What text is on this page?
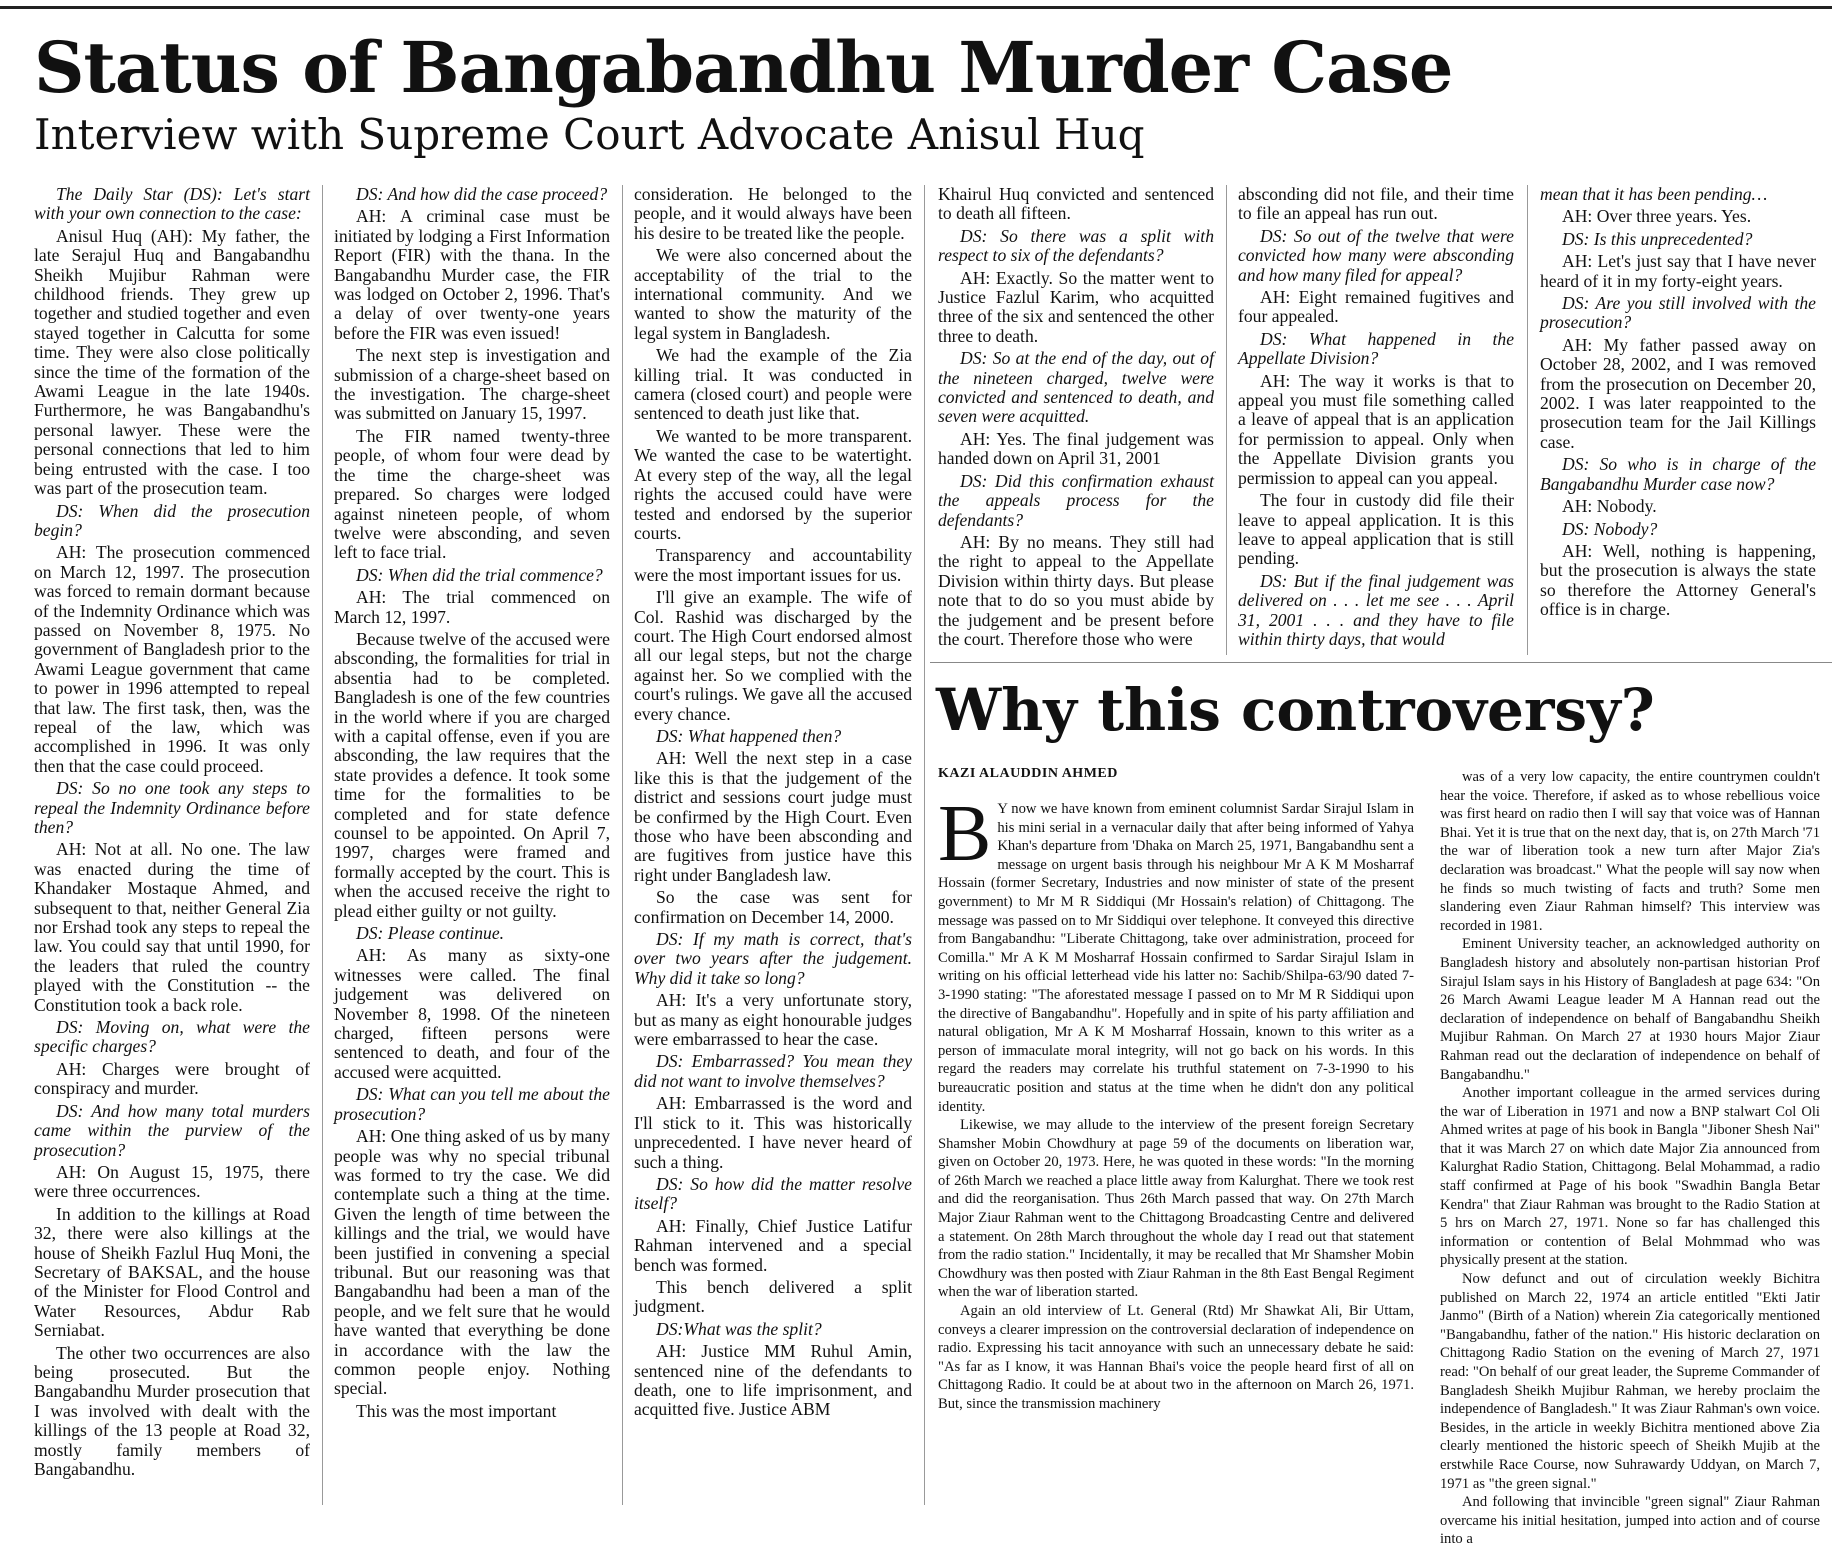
Status of Bangabandhu Murder Case
Interview with Supreme Court Advocate Anisul Huq

The Daily Star (DS): Let's start with your own connection to the case:

Anisul Huq (AH): My father, the late Serajul Huq and Bangabandhu Sheikh Mujibur Rahman were childhood friends. They grew up together and studied together and even stayed together in Calcutta for some time. They were also close politically since the time of the formation of the Awami League in the late 1940s. Furthermore, he was Bangabandhu's personal lawyer. These were the personal connections that led to him being entrusted with the case. I too was part of the prosecution team.

DS: When did the prosecution begin?

AH: The prosecution commenced on March 12, 1997. The prosecution was forced to remain dormant because of the Indemnity Ordinance which was passed on November 8, 1975. No government of Bangladesh prior to the Awami League government that came to power in 1996 attempted to repeal that law. The first task, then, was the repeal of the law, which was accomplished in 1996. It was only then that the case could proceed.

DS: So no one took any steps to repeal the Indemnity Ordinance before then?

AH: Not at all. No one. The law was enacted during the time of Khandaker Mostaque Ahmed, and subsequent to that, neither General Zia nor Ershad took any steps to repeal the law. You could say that until 1990, for the leaders that ruled the country played with the Constitution -- the Constitution took a back role.

DS: Moving on, what were the specific charges?

AH: Charges were brought of conspiracy and murder.

DS: And how many total murders came within the purview of the prosecution?

AH: On August 15, 1975, there were three occurrences.

In addition to the killings at Road 32, there were also killings at the house of Sheikh Fazlul Huq Moni, the Secretary of BAKSAL, and the house of the Minister for Flood Control and Water Resources, Abdur Rab Serniabat.

The other two occurrences are also being prosecuted. But the Bangabandhu Murder prosecution that I was involved with dealt with the killings of the 13 people at Road 32, mostly family members of Bangabandhu.

DS: And how did the case proceed?

AH: A criminal case must be initiated by lodging a First Information Report (FIR) with the thana. In the Bangabandhu Murder case, the FIR was lodged on October 2, 1996. That's a delay of over twenty-one years before the FIR was even issued!

The next step is investigation and submission of a charge-sheet based on the investigation. The charge-sheet was submitted on January 15, 1997.

The FIR named twenty-three people, of whom four were dead by the time the charge-sheet was prepared. So charges were lodged against nineteen people, of whom twelve were absconding, and seven left to face trial.

DS: When did the trial commence?

AH: The trial commenced on March 12, 1997.

Because twelve of the accused were absconding, the formalities for trial in absentia had to be completed. Bangladesh is one of the few countries in the world where if you are charged with a capital offense, even if you are absconding, the law requires that the state provides a defence. It took some time for the formalities to be completed and for state defence counsel to be appointed. On April 7, 1997, charges were framed and formally accepted by the court. This is when the accused receive the right to plead either guilty or not guilty.

DS: Please continue.

AH: As many as sixty-one witnesses were called. The final judgement was delivered on November 8, 1998. Of the nineteen charged, fifteen persons were sentenced to death, and four of the accused were acquitted.

DS: What can you tell me about the prosecution?

AH: One thing asked of us by many people was why no special tribunal was formed to try the case. We did contemplate such a thing at the time. Given the length of time between the killings and the trial, we would have been justified in convening a special tribunal. But our reasoning was that Bangabandhu had been a man of the people, and we felt sure that he would have wanted that everything be done in accordance with the law the common people enjoy. Nothing special.

This was the most important

consideration. He belonged to the people, and it would always have been his desire to be treated like the people.

We were also concerned about the acceptability of the trial to the international community. And we wanted to show the maturity of the legal system in Bangladesh.

We had the example of the Zia killing trial. It was conducted in camera (closed court) and people were sentenced to death just like that.

We wanted to be more transparent. We wanted the case to be watertight. At every step of the way, all the legal rights the accused could have were tested and endorsed by the superior courts.

Transparency and accountability were the most important issues for us.

I'll give an example. The wife of Col. Rashid was discharged by the court. The High Court endorsed almost all our legal steps, but not the charge against her. So we complied with the court's rulings. We gave all the accused every chance.

DS: What happened then?

AH: Well the next step in a case like this is that the judgement of the district and sessions court judge must be confirmed by the High Court. Even those who have been absconding and are fugitives from justice have this right under Bangladesh law.

So the case was sent for confirmation on December 14, 2000.

DS: If my math is correct, that's over two years after the judgement. Why did it take so long?

AH: It's a very unfortunate story, but as many as eight honourable judges were embarrassed to hear the case.

DS: Embarrassed? You mean they did not want to involve themselves?

AH: Embarrassed is the word and I'll stick to it. This was historically unprecedented. I have never heard of such a thing.

DS: So how did the matter resolve itself?

AH: Finally, Chief Justice Latifur Rahman intervened and a special bench was formed.

This bench delivered a split judgment.

DS:What was the split?

AH: Justice MM Ruhul Amin, sentenced nine of the defendants to death, one to life imprisonment, and acquitted five. Justice ABM

Khairul Huq convicted and sentenced to death all fifteen.

DS: So there was a split with respect to six of the defendants?

AH: Exactly. So the matter went to Justice Fazlul Karim, who acquitted three of the six and sentenced the other three to death.

DS: So at the end of the day, out of the nineteen charged, twelve were convicted and sentenced to death, and seven were acquitted.

AH: Yes. The final judgement was handed down on April 31, 2001

DS: Did this confirmation exhaust the appeals process for the defendants?

AH: By no means. They still had the right to appeal to the Appellate Division within thirty days. But please note that to do so you must abide by the judgement and be present before the court. Therefore those who were

absconding did not file, and their time to file an appeal has run out.

DS: So out of the twelve that were convicted how many were absconding and how many filed for appeal?

AH: Eight remained fugitives and four appealed.

DS: What happened in the Appellate Division?

AH: The way it works is that to appeal you must file something called a leave of appeal that is an application for permission to appeal. Only when the Appellate Division grants you permission to appeal can you appeal.

The four in custody did file their leave to appeal application. It is this leave to appeal application that is still pending.

DS: But if the final judgement was delivered on . . . let me see . . . April 31, 2001 . . . and they have to file within thirty days, that would

mean that it has been pending…

AH: Over three years. Yes.

DS: Is this unprecedented?

AH: Let's just say that I have never heard of it in my forty-eight years.

DS: Are you still involved with the prosecution?

AH: My father passed away on October 28, 2002, and I was removed from the prosecution on December 20, 2002. I was later reappointed to the prosecution team for the Jail Killings case.

DS: So who is in charge of the Bangabandhu Murder case now?

AH: Nobody.

DS: Nobody?

AH: Well, nothing is happening, but the prosecution is always the state so therefore the Attorney General's office is in charge.

Why this controversy?
KAZI ALAUDDIN AHMED
B Y now we have known from eminent columnist Sardar Sirajul Islam in his mini serial in a vernacular daily that after being informed of Yahya Khan's departure from 'Dhaka on March 25, 1971, Bangabandhu sent a message on urgent basis through his neighbour Mr A K M Mosharraf Hossain (former Secretary, Industries and now minister of state of the present government) to Mr M R Siddiqui (Mr Hossain's relation) of Chittagong. The message was passed on to Mr Siddiqui over telephone. It conveyed this directive from Bangabandhu: "Liberate Chittagong, take over administration, proceed for Comilla." Mr A K M Mosharraf Hossain confirmed to Sardar Sirajul Islam in writing on his official letterhead vide his latter no: Sachib/Shilpa-63/90 dated 7-3-1990 stating: "The aforestated message I passed on to Mr M R Siddiqui upon the directive of Bangabandhu". Hopefully and in spite of his party affiliation and natural obligation, Mr A K M Mosharraf Hossain, known to this writer as a person of immaculate moral integrity, will not go back on his words. In this regard the readers may correlate his truthful statement on 7-3-1990 to his bureaucratic position and status at the time when he didn't don any political identity.

Likewise, we may allude to the interview of the present foreign Secretary Shamsher Mobin Chowdhury at page 59 of the documents on liberation war, given on October 20, 1973. Here, he was quoted in these words: "In the morning of 26th March we reached a place little away from Kalurghat. There we took rest and did the reorganisation. Thus 26th March passed that way. On 27th March Major Ziaur Rahman went to the Chittagong Broadcasting Centre and delivered a statement. On 28th March throughout the whole day I read out that statement from the radio station." Incidentally, it may be recalled that Mr Shamsher Mobin Chowdhury was then posted with Ziaur Rahman in the 8th East Bengal Regiment when the war of liberation started.

Again an old interview of Lt. General (Rtd) Mr Shawkat Ali, Bir Uttam, conveys a clearer impression on the controversial declaration of independence on radio. Expressing his tacit annoyance with such an unnecessary debate he said: "As far as I know, it was Hannan Bhai's voice the people heard first of all on Chittagong Radio. It could be at about two in the afternoon on March 26, 1971. But, since the transmission machinery

was of a very low capacity, the entire countrymen couldn't hear the voice. Therefore, if asked as to whose rebellious voice was first heard on radio then I will say that voice was of Hannan Bhai. Yet it is true that on the next day, that is, on 27th March '71 the war of liberation took a new turn after Major Zia's declaration was broadcast." What the people will say now when he finds so much twisting of facts and truth? Some men slandering even Ziaur Rahman himself? This interview was recorded in 1981.

Eminent University teacher, an acknowledged authority on Bangladesh history and absolutely non-partisan historian Prof Sirajul Islam says in his History of Bangladesh at page 634: "On 26 March Awami League leader M A Hannan read out the declaration of independence on behalf of Bangabandhu Sheikh Mujibur Rahman. On March 27 at 1930 hours Major Ziaur Rahman read out the declaration of independence on behalf of Bangabandhu."

Another important colleague in the armed services during the war of Liberation in 1971 and now a BNP stalwart Col Oli Ahmed writes at page of his book in Bangla "Jiboner Shesh Nai" that it was March 27 on which date Major Zia announced from Kalurghat Radio Station, Chittagong. Belal Mohammad, a radio staff confirmed at Page of his book "Swadhin Bangla Betar Kendra" that Ziaur Rahman was brought to the Radio Station at 5 hrs on March 27, 1971. None so far has challenged this information or contention of Belal Mohmmad who was physically present at the station.

Now defunct and out of circulation weekly Bichitra published on March 22, 1974 an article entitled "Ekti Jatir Janmo" (Birth of a Nation) wherein Zia categorically mentioned "Bangabandhu, father of the nation." His historic declaration on Chittagong Radio Station on the evening of March 27, 1971 read: "On behalf of our great leader, the Supreme Commander of Bangladesh Sheikh Mujibur Rahman, we hereby proclaim the independence of Bangladesh." It was Ziaur Rahman's own voice. Besides, in the article in weekly Bichitra mentioned above Zia clearly mentioned the historic speech of Sheikh Mujib at the erstwhile Race Course, now Suhrawardy Uddyan, on March 7, 1971 as "the green signal."

And following that invincible "green signal" Ziaur Rahman overcame his initial hesitation, jumped into action and of course into a
